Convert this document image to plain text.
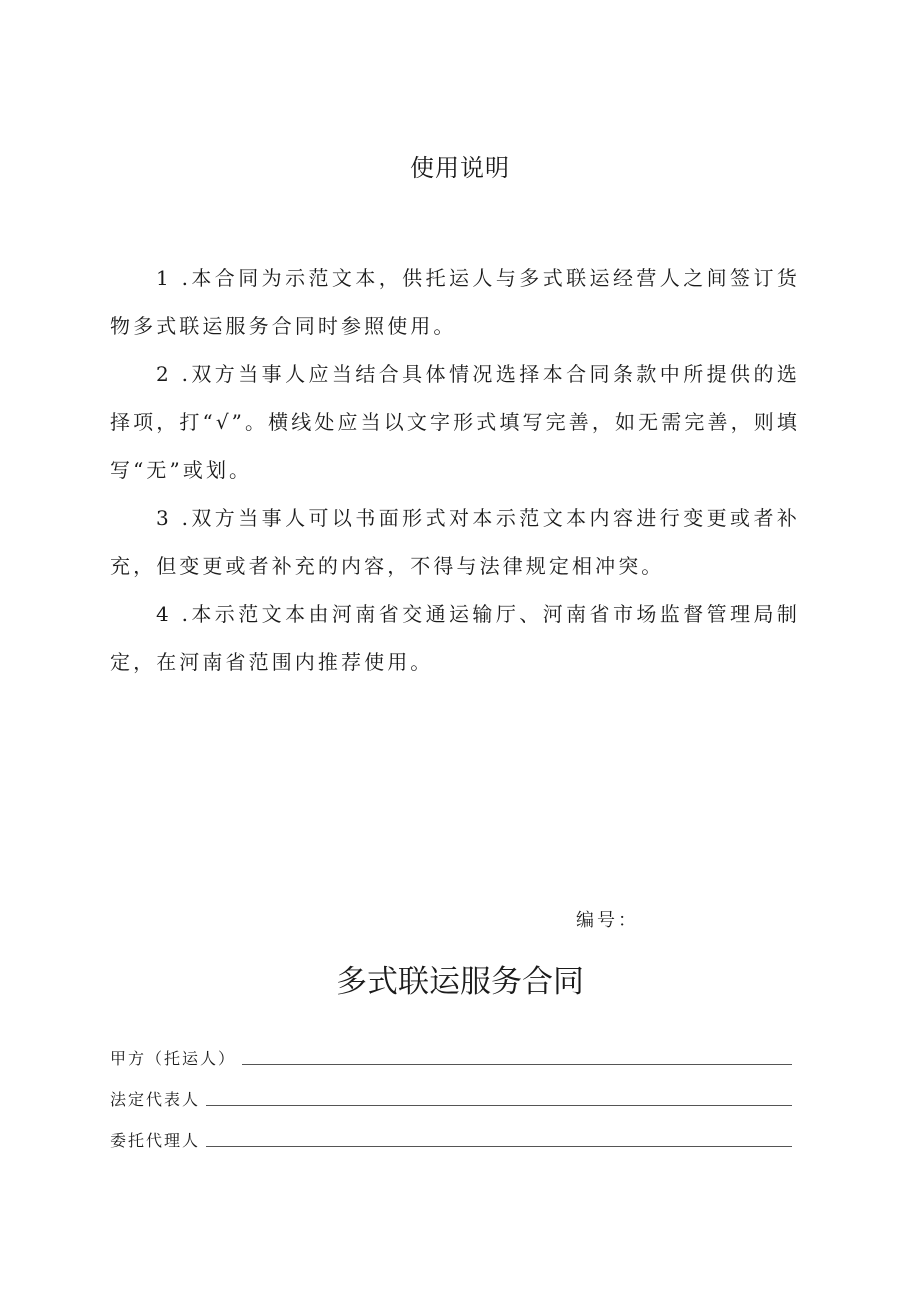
使用说明

1 .本合同为示范文本，供托运人与多式联运经营人之间签订货物多式联运服务合同时参照使用。

2 .双方当事人应当结合具体情况选择本合同条款中所提供的选择项，打“√”。横线处应当以文字形式填写完善，如无需完善，则填写“无”或划。

3 .双方当事人可以书面形式对本示范文本内容进行变更或者补充，但变更或者补充的内容，不得与法律规定相冲突。

4 .本示范文本由河南省交通运输厅、河南省市场监督管理局制定，在河南省范围内推荐使用。

编号：
多式联运服务合同
甲方（托运人）
法定代表人
委托代理人
